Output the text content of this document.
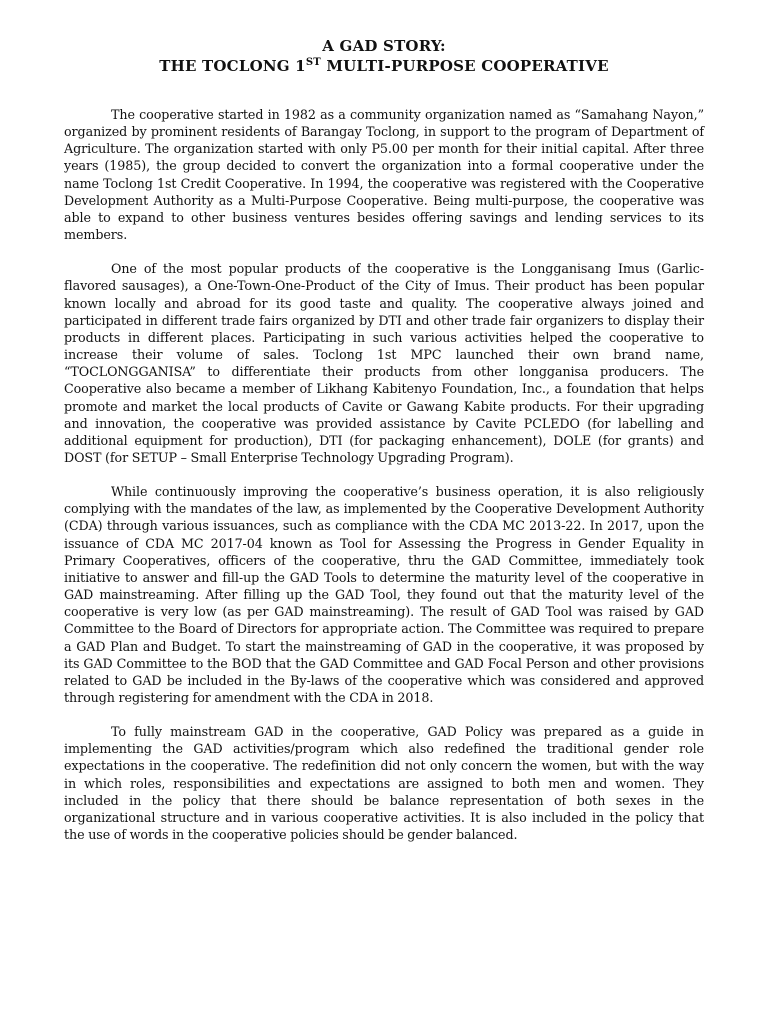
A GAD STORY:
THE TOCLONG 1ST MULTI-PURPOSE COOPERATIVE

The cooperative started in 1982 as a community organization named as “Samahang Nayon,” organized by prominent residents of Barangay Toclong, in support to the program of Department of Agriculture. The organization started with only P5.00 per month for their initial capital. After three years (1985), the group decided to convert the organization into a formal cooperative under the name Toclong 1st Credit Cooperative. In 1994, the cooperative was registered with the Cooperative Development Authority as a Multi-Purpose Cooperative. Being multi-purpose, the cooperative was able to expand to other business ventures besides offering savings and lending services to its members.

One of the most popular products of the cooperative is the Longganisang Imus (Garlic-flavored sausages), a One-Town-One-Product of the City of Imus. Their product has been popular known locally and abroad for its good taste and quality. The cooperative always joined and participated in different trade fairs organized by DTI and other trade fair organizers to display their products in different places. Participating in such various activities helped the cooperative to increase their volume of sales. Toclong 1st MPC launched their own brand name, “TOCLONGGANISA” to differentiate their products from other longganisa producers. The Cooperative also became a member of Likhang Kabitenyo Foundation, Inc., a foundation that helps promote and market the local products of Cavite or Gawang Kabite products. For their upgrading and innovation, the cooperative was provided assistance by Cavite PCLEDO (for labelling and additional equipment for production), DTI (for packaging enhancement), DOLE (for grants) and DOST (for SETUP – Small Enterprise Technology Upgrading Program).

While continuously improving the cooperative’s business operation, it is also religiously complying with the mandates of the law, as implemented by the Cooperative Development Authority (CDA) through various issuances, such as compliance with the CDA MC 2013-22. In 2017, upon the issuance of CDA MC 2017-04 known as Tool for Assessing the Progress in Gender Equality in Primary Cooperatives, officers of the cooperative, thru the GAD Committee, immediately took initiative to answer and fill-up the GAD Tools to determine the maturity level of the cooperative in GAD mainstreaming. After filling up the GAD Tool, they found out that the maturity level of the cooperative is very low (as per GAD mainstreaming). The result of GAD Tool was raised by GAD Committee to the Board of Directors for appropriate action. The Committee was required to prepare a GAD Plan and Budget. To start the mainstreaming of GAD in the cooperative, it was proposed by its GAD Committee to the BOD that the GAD Committee and GAD Focal Person and other provisions related to GAD be included in the By-laws of the cooperative which was considered and approved through registering for amendment with the CDA in 2018.

To fully mainstream GAD in the cooperative, GAD Policy was prepared as a guide in implementing the GAD activities/program which also redefined the traditional gender role expectations in the cooperative. The redefinition did not only concern the women, but with the way in which roles, responsibilities and expectations are assigned to both men and women. They included in the policy that there should be balance representation of both sexes in the organizational structure and in various cooperative activities. It is also included in the policy that the use of words in the cooperative policies should be gender balanced.
